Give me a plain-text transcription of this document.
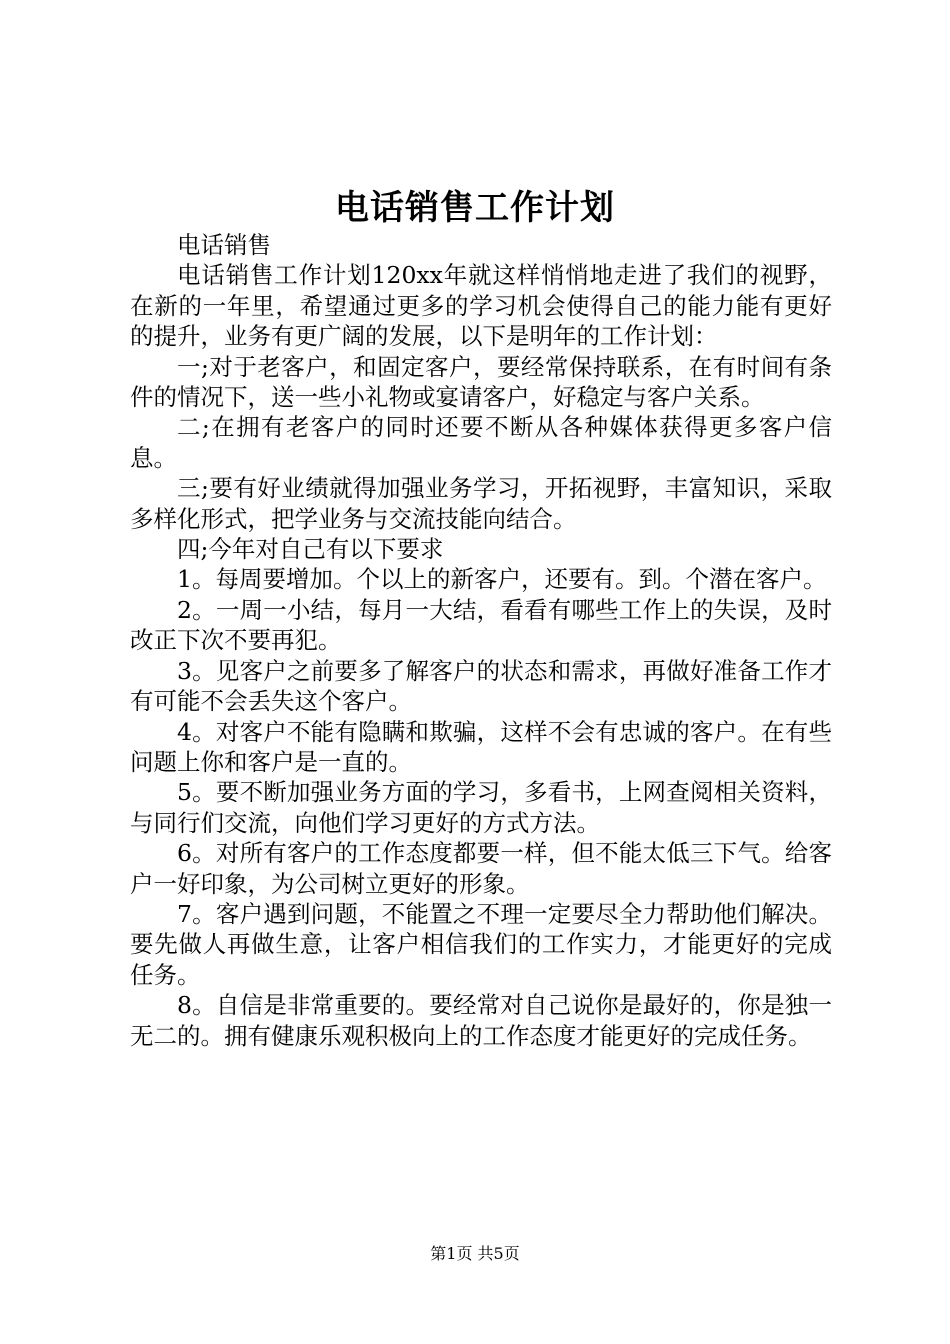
电话销售工作计划

电话销售

电话销售工作计划120xx年就这样悄悄地走进了我们的视野，在新的一年里，希望通过更多的学习机会使得自己的能力能有更好的提升，业务有更广阔的发展，以下是明年的工作计划：

一;对于老客户，和固定客户，要经常保持联系，在有时间有条件的情况下，送一些小礼物或宴请客户，好稳定与客户关系。

二;在拥有老客户的同时还要不断从各种媒体获得更多客户信息。

三;要有好业绩就得加强业务学习，开拓视野，丰富知识，采取多样化形式，把学业务与交流技能向结合。

四;今年对自己有以下要求

1。每周要增加。个以上的新客户，还要有。到。个潜在客户。

2。一周一小结，每月一大结，看看有哪些工作上的失误，及时改正下次不要再犯。

3。见客户之前要多了解客户的状态和需求，再做好准备工作才有可能不会丢失这个客户。

4。对客户不能有隐瞒和欺骗，这样不会有忠诚的客户。在有些问题上你和客户是一直的。

5。要不断加强业务方面的学习，多看书，上网查阅相关资料，与同行们交流，向他们学习更好的方式方法。

6。对所有客户的工作态度都要一样，但不能太低三下气。给客户一好印象，为公司树立更好的形象。

7。客户遇到问题，不能置之不理一定要尽全力帮助他们解决。要先做人再做生意，让客户相信我们的工作实力，才能更好的完成任务。

8。自信是非常重要的。要经常对自己说你是最好的，你是独一无二的。拥有健康乐观积极向上的工作态度才能更好的完成任务。

第1页 共5页
